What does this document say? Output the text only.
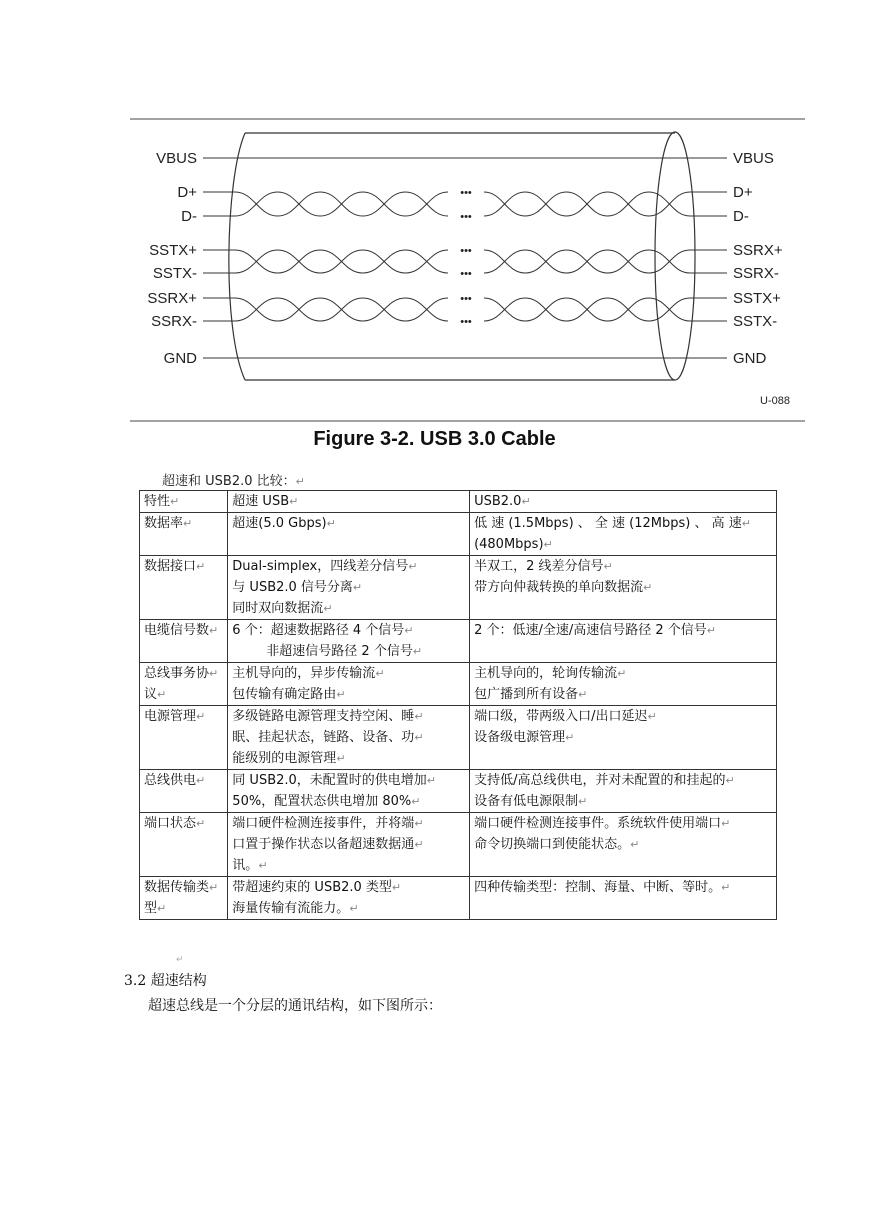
VBUS
D+
D-
SSTX+
SSTX-
SSRX+
SSRX-
GND
VBUS
D+
D-
SSRX+
SSRX-
SSTX+
SSTX-
GND
•••
•••
•••
•••
•••
•••
U-088
Figure 3-2. USB 3.0 Cable
超速和 USB2.0 比较：↵
特性↵	超速 USB↵	USB2.0↵

数据率↵	超速(5.0 Gbps)↵	低 速 (1.5Mbps) 、 全 速 (12Mbps) 、 高 速↵
(480Mbps)↵

数据接口↵	Dual-simplex，四线差分信号↵
与 USB2.0 信号分离↵
同时双向数据流↵	半双工，2 线差分信号↵
带方向仲裁转换的单向数据流↵

电缆信号数↵	6 个：超速数据路径 4 个信号↵
非超速信号路径 2 个信号↵	2 个：低速/全速/高速信号路径 2 个信号↵

总线事务协↵
议↵	主机导向的，异步传输流↵
包传输有确定路由↵	主机导向的，轮询传输流↵
包广播到所有设备↵

电源管理↵	多级链路电源管理支持空闲、睡↵
眠、挂起状态，链路、设备、功↵
能级别的电源管理↵	端口级，带两级入口/出口延迟↵
设备级电源管理↵

总线供电↵	同 USB2.0，未配置时的供电增加↵
50%，配置状态供电增加 80%↵	支持低/高总线供电，并对未配置的和挂起的↵
设备有低电源限制↵

端口状态↵	端口硬件检测连接事件，并将端↵
口置于操作状态以备超速数据通↵
讯。↵	端口硬件检测连接事件。系统软件使用端口↵
命令切换端口到使能状态。↵

数据传输类↵
型↵	带超速约束的 USB2.0 类型↵
海量传输有流能力。↵	四种传输类型：控制、海量、中断、等时。↵
↵
3.2 超速结构
超速总线是一个分层的通讯结构，如下图所示：
